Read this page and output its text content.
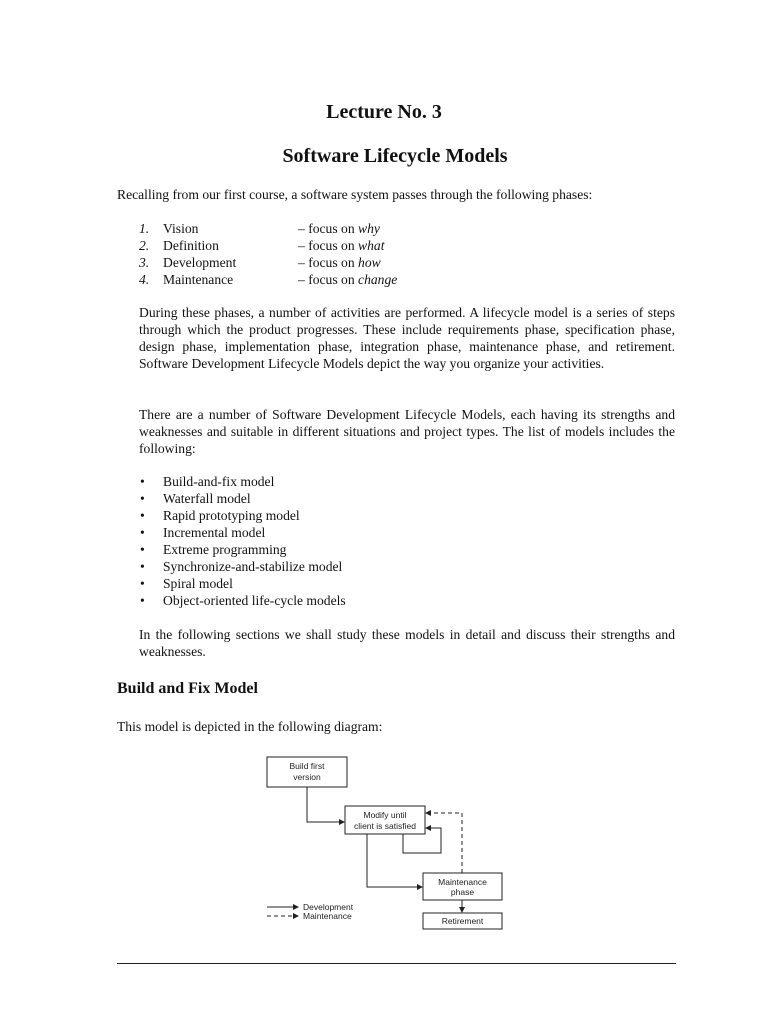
Lecture No. 3
Software Lifecycle Models
Recalling from our first course, a software system passes through the following phases:
1. Vision	– focus on why
2. Definition	– focus on what
3. Development	– focus on how
4. Maintenance	– focus on change
During these phases, a number of activities are performed. A lifecycle model is a series of steps through which the product progresses. These include requirements phase, specification phase, design phase, implementation phase, integration phase, maintenance phase, and retirement. Software Development Lifecycle Models depict the way you organize your activities.
There are a number of Software Development Lifecycle Models, each having its strengths and weaknesses and suitable in different situations and project types. The list of models includes the following:
• Build-and-fix model
• Waterfall model
• Rapid prototyping model
• Incremental model
• Extreme programming
• Synchronize-and-stabilize model
• Spiral model
• Object-oriented life-cycle models
In the following sections we shall study these models in detail and discuss their strengths and weaknesses.
Build and Fix Model
This model is depicted in the following diagram:
Build first
version
Modify until
client is satisfied
Maintenance
phase
Retirement
Development
Maintenance
